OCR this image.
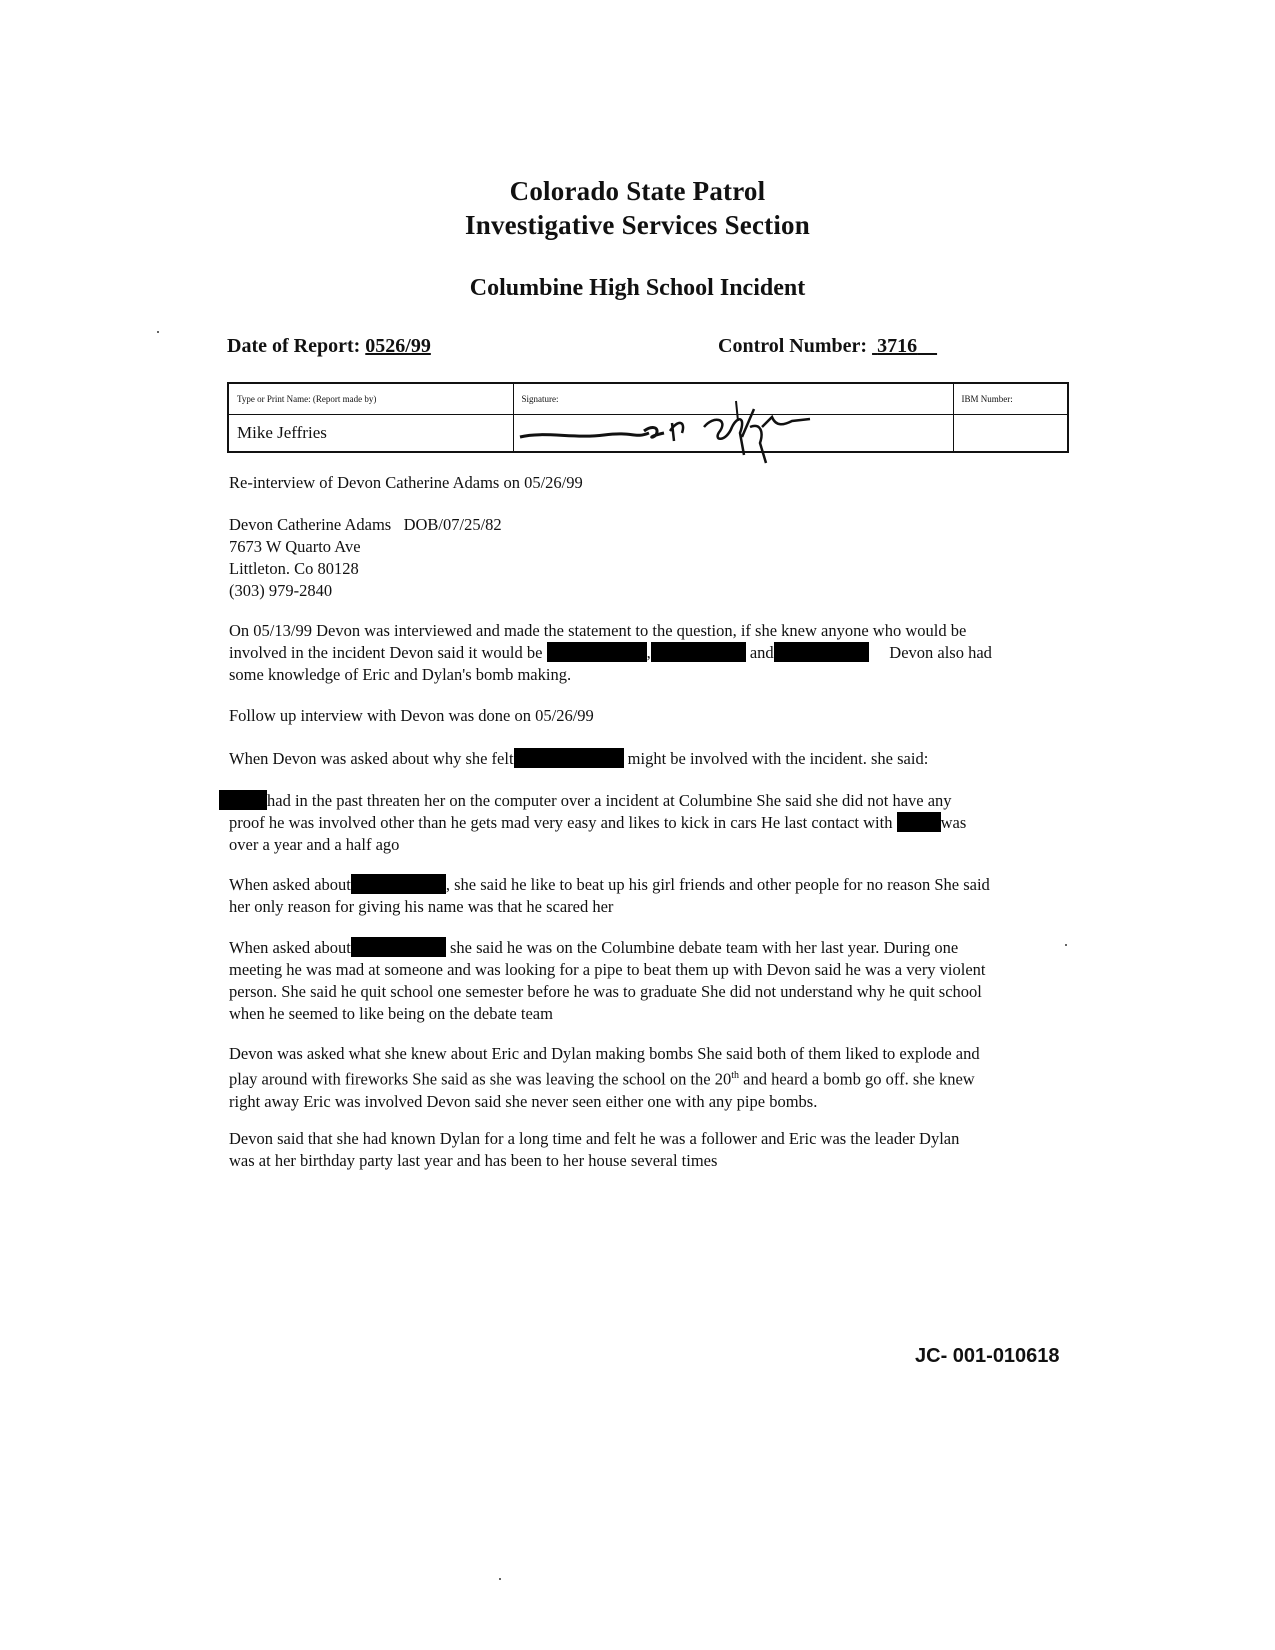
Colorado State Patrol
Investigative Services Section
Columbine High School Incident
Date of Report: 0526/99	Control Number: 3716
Type or Print Name: (Report made by)	Signature:	IBM Number:
Mike Jeffries	

Re-interview of Devon Catherine Adams on 05/26/99
Devon Catherine Adams DOB/07/25/82
7673 W Quarto Ave
Littleton. Co 80128
(303) 979-2840
On 05/13/99 Devon was interviewed and made the statement to the question, if she knew anyone who would be
involved in the incident Devon said it would be	,	and	Devon also had
some knowledge of Eric and Dylan's bomb making.
Follow up interview with Devon was done on 05/26/99
When Devon was asked about why she felt	might be involved with the incident. she said:
had in the past threaten her on the computer over a incident at Columbine She said she did not have any
proof he was involved other than he gets mad very easy and likes to kick in cars He last contact with	was
over a year and a half ago
When asked about	, she said he like to beat up his girl friends and other people for no reason She said
her only reason for giving his name was that he scared her
When asked about	she said he was on the Columbine debate team with her last year. During one
meeting he was mad at someone and was looking for a pipe to beat them up with Devon said he was a very violent
person. She said he quit school one semester before he was to graduate She did not understand why he quit school
when he seemed to like being on the debate team
Devon was asked what she knew about Eric and Dylan making bombs She said both of them liked to explode and
play around with fireworks She said as she was leaving the school on the 20th and heard a bomb go off. she knew
right away Eric was involved Devon said she never seen either one with any pipe bombs.
Devon said that she had known Dylan for a long time and felt he was a follower and Eric was the leader Dylan
was at her birthday party last year and has been to her house several times
JC- 001-010618
